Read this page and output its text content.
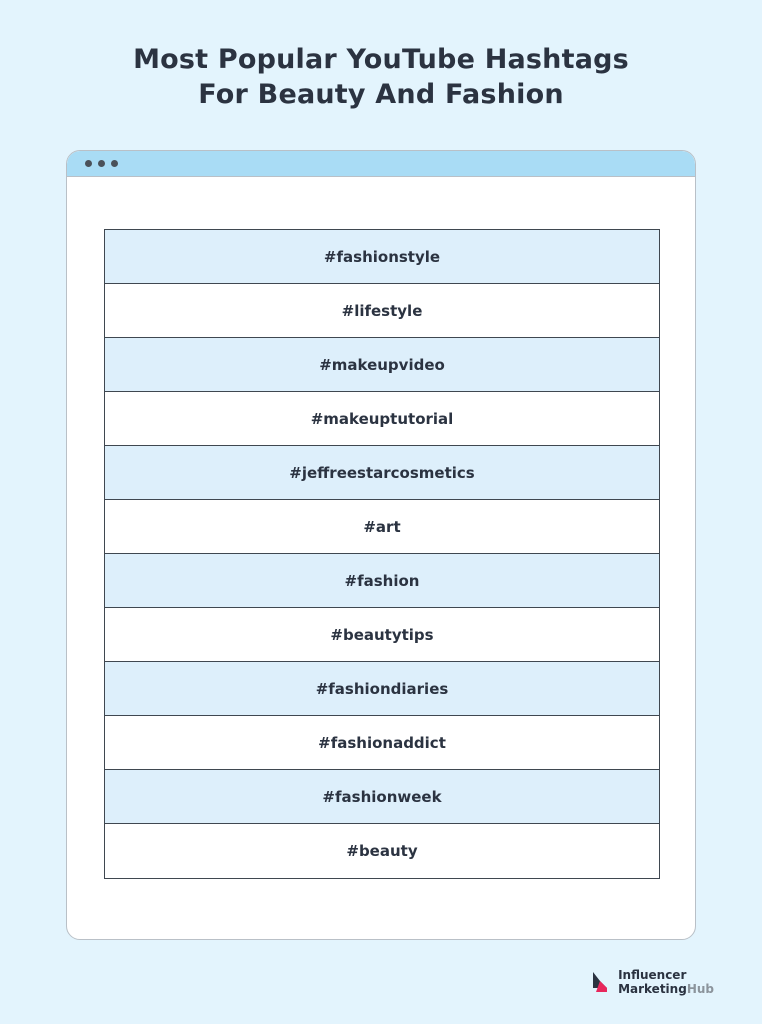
Most Popular YouTube Hashtags
For Beauty And Fashion
#fashionstyle
#lifestyle
#makeupvideo
#makeuptutorial
#jeffreestarcosmetics
#art
#fashion
#beautytips
#fashiondiaries
#fashionaddict
#fashionweek
#beauty
Influencer
MarketingHub
